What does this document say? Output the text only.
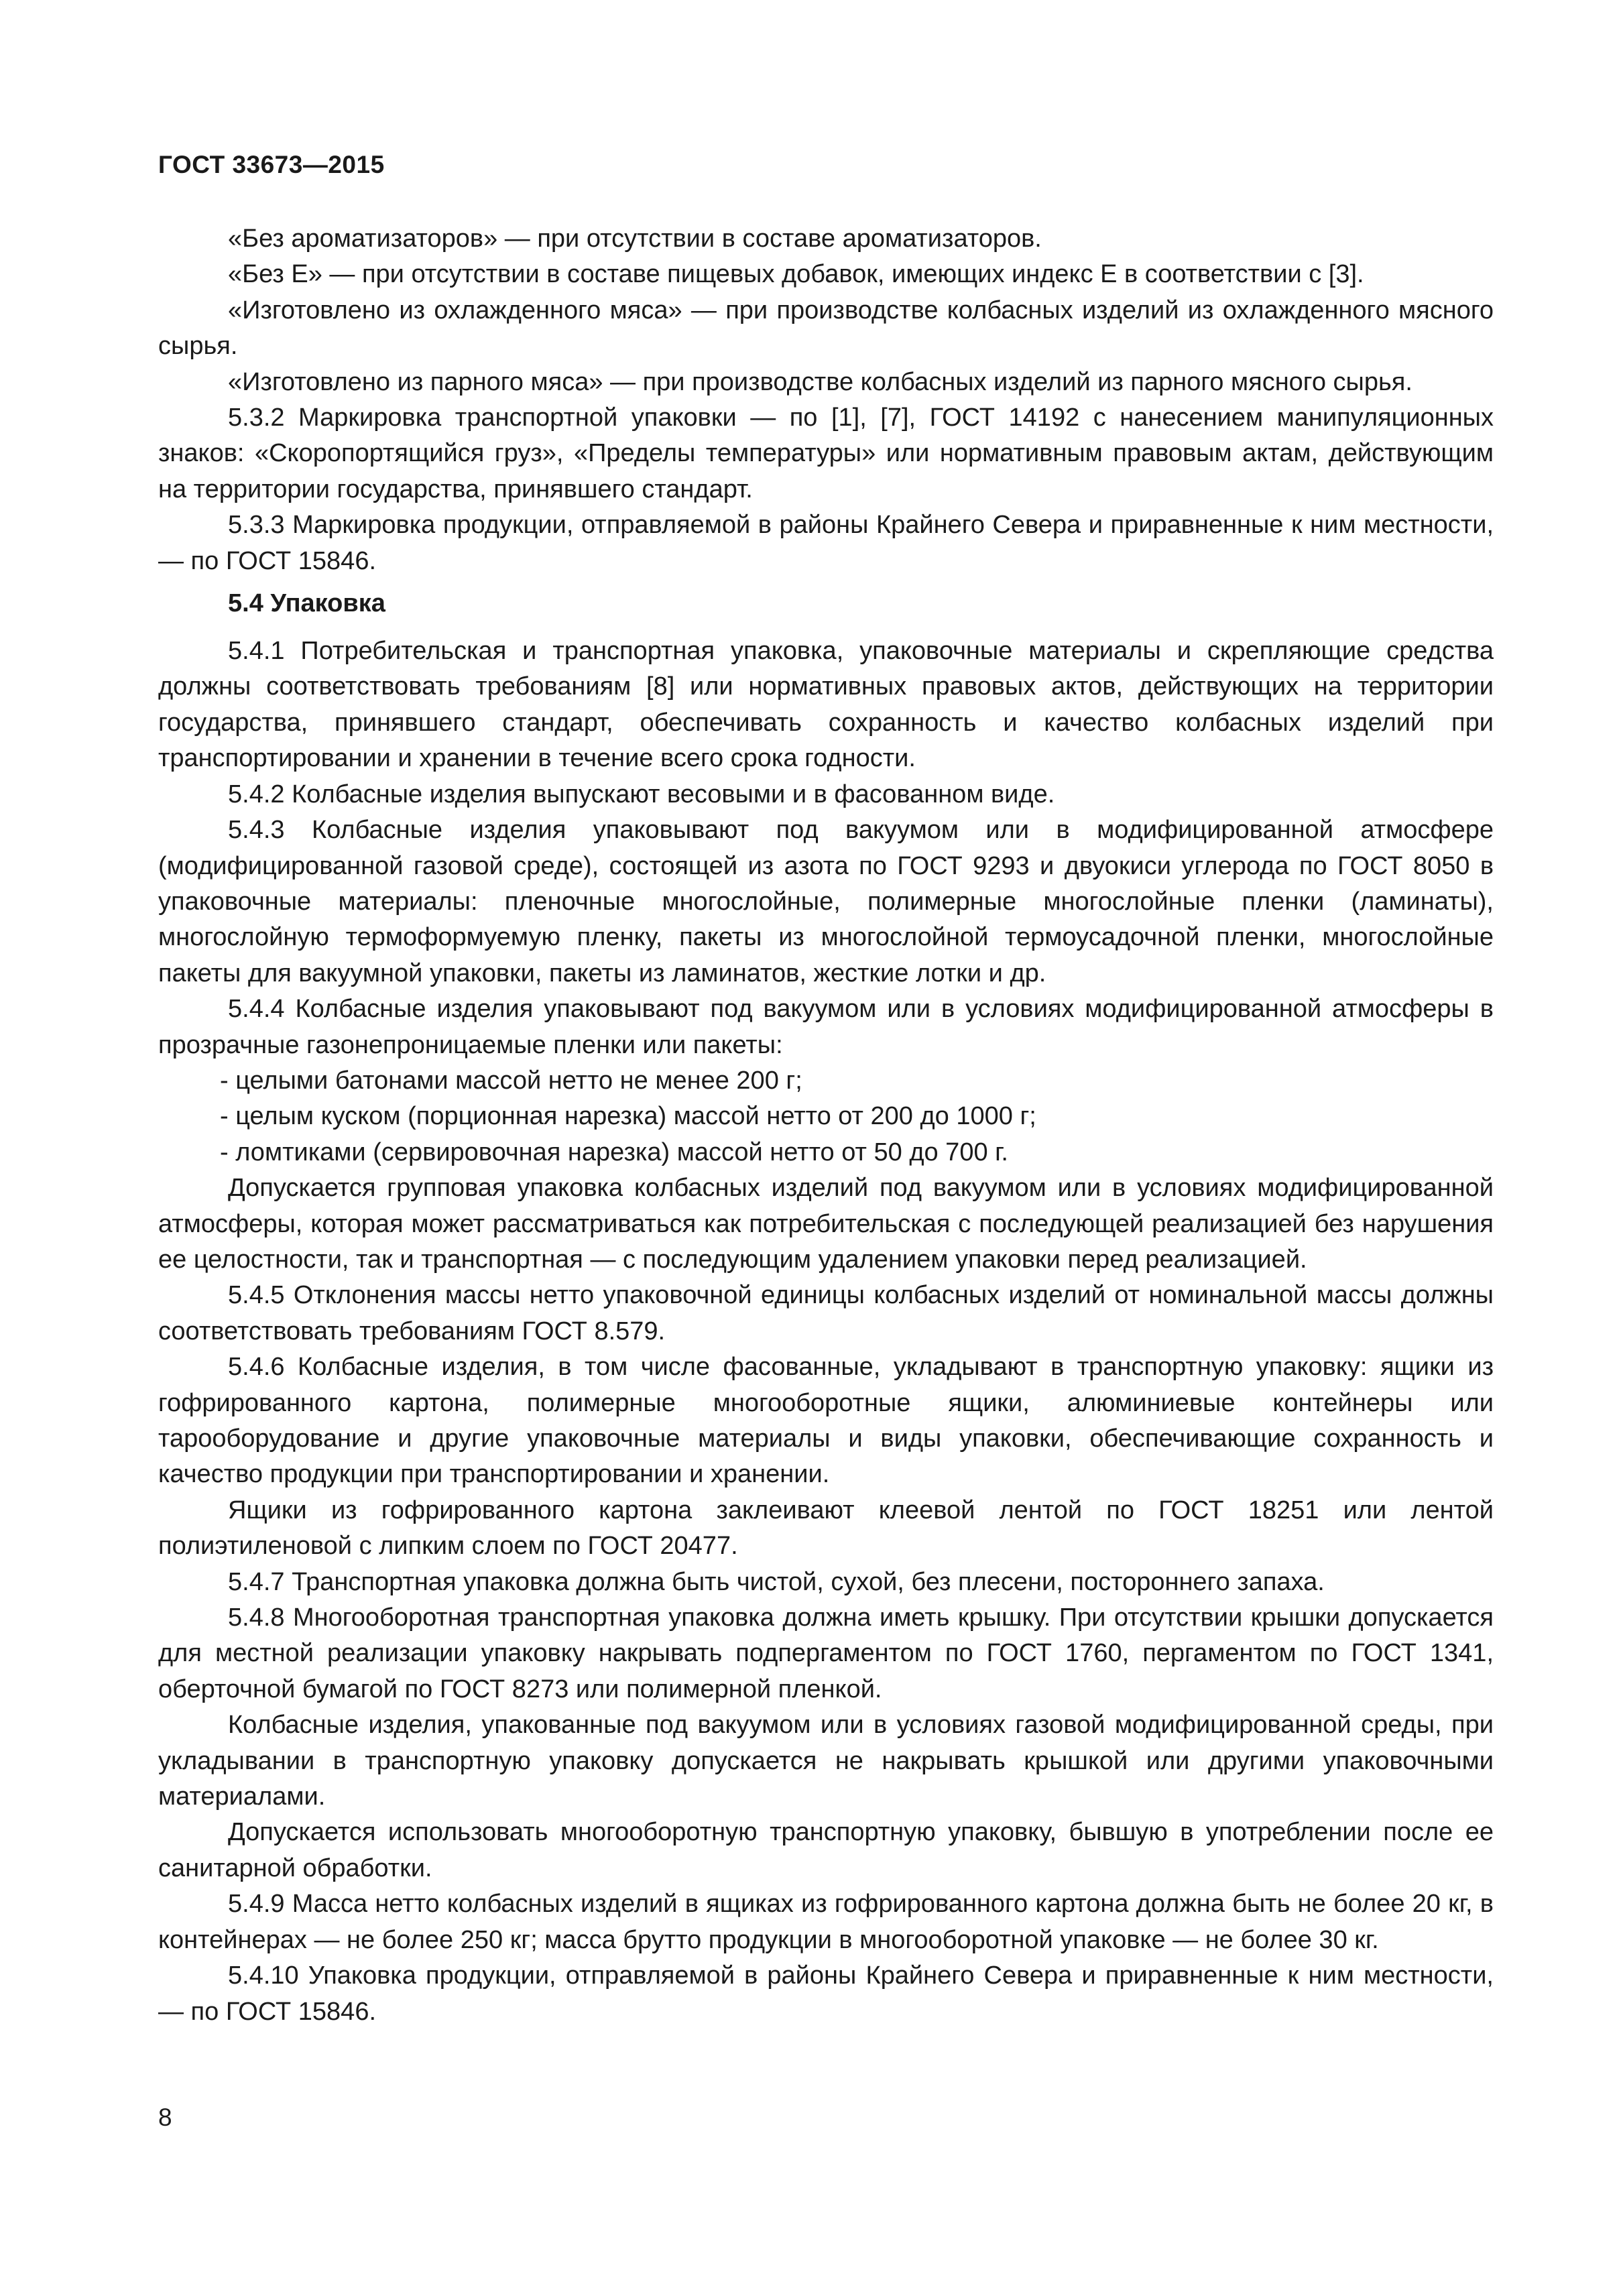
ГОСТ 33673—2015

«Без ароматизаторов» — при отсутствии в составе ароматизаторов.

«Без Е» — при отсутствии в составе пищевых добавок, имеющих индекс Е в соответствии с [3].

«Изготовлено из охлажденного мяса» — при производстве колбасных изделий из охлажденного мясного сырья.

«Изготовлено из парного мяса» — при производстве колбасных изделий из парного мясного сырья.

5.3.2 Маркировка транспортной упаковки — по [1], [7], ГОСТ 14192 с нанесением манипуляционных знаков: «Скоропортящийся груз», «Пределы температуры» или нормативным правовым актам, действующим на территории государства, принявшего стандарт.

5.3.3 Маркировка продукции, отправляемой в районы Крайнего Севера и приравненные к ним местности, — по ГОСТ 15846.

5.4 Упаковка

5.4.1 Потребительская и транспортная упаковка, упаковочные материалы и скрепляющие средства должны соответствовать требованиям [8] или нормативных правовых актов, действующих на территории государства, принявшего стандарт, обеспечивать сохранность и качество колбасных изделий при транспортировании и хранении в течение всего срока годности.

5.4.2 Колбасные изделия выпускают весовыми и в фасованном виде.

5.4.3 Колбасные изделия упаковывают под вакуумом или в модифицированной атмосфере (модифицированной газовой среде), состоящей из азота по ГОСТ 9293 и двуокиси углерода по ГОСТ 8050 в упаковочные материалы: пленочные многослойные, полимерные многослойные пленки (ламинаты), многослойную термоформуемую пленку, пакеты из многослойной термоусадочной пленки, многослойные пакеты для вакуумной упаковки, пакеты из ламинатов, жесткие лотки и др.

5.4.4 Колбасные изделия упаковывают под вакуумом или в условиях модифицированной атмосферы в прозрачные газонепроницаемые пленки или пакеты:

- целыми батонами массой нетто не менее 200 г;

- целым куском (порционная нарезка) массой нетто от 200 до 1000 г;

- ломтиками (сервировочная нарезка) массой нетто от 50 до 700 г.

Допускается групповая упаковка колбасных изделий под вакуумом или в условиях модифицированной атмосферы, которая может рассматриваться как потребительская с последующей реализацией без нарушения ее целостности, так и транспортная — с последующим удалением упаковки перед реализацией.

5.4.5 Отклонения массы нетто упаковочной единицы колбасных изделий от номинальной массы должны соответствовать требованиям ГОСТ 8.579.

5.4.6 Колбасные изделия, в том числе фасованные, укладывают в транспортную упаковку: ящики из гофрированного картона, полимерные многооборотные ящики, алюминиевые контейнеры или тарооборудование и другие упаковочные материалы и виды упаковки, обеспечивающие сохранность и качество продукции при транспортировании и хранении.

Ящики из гофрированного картона заклеивают клеевой лентой по ГОСТ 18251 или лентой полиэтиленовой с липким слоем по ГОСТ 20477.

5.4.7 Транспортная упаковка должна быть чистой, сухой, без плесени, постороннего запаха.

5.4.8 Многооборотная транспортная упаковка должна иметь крышку. При отсутствии крышки допускается для местной реализации упаковку накрывать подпергаментом по ГОСТ 1760, пергаментом по ГОСТ 1341, оберточной бумагой по ГОСТ 8273 или полимерной пленкой.

Колбасные изделия, упакованные под вакуумом или в условиях газовой модифицированной среды, при укладывании в транспортную упаковку допускается не накрывать крышкой или другими упаковочными материалами.

Допускается использовать многооборотную транспортную упаковку, бывшую в употреблении после ее санитарной обработки.

5.4.9 Масса нетто колбасных изделий в ящиках из гофрированного картона должна быть не более 20 кг, в контейнерах — не более 250 кг; масса брутто продукции в многооборотной упаковке — не более 30 кг.

5.4.10 Упаковка продукции, отправляемой в районы Крайнего Севера и приравненные к ним местности, — по ГОСТ 15846.

8
